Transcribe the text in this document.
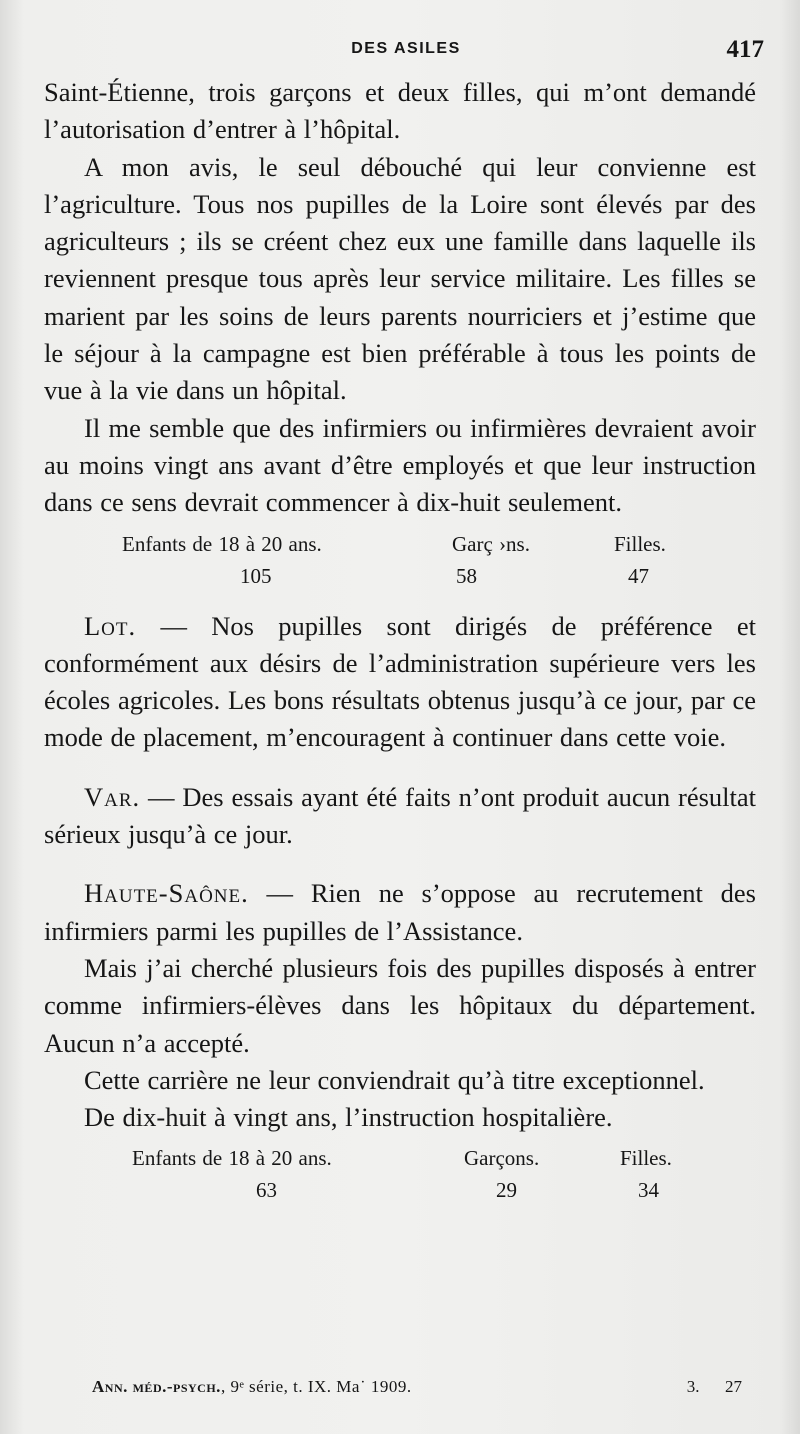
DES ASILES	417

Saint-Étienne, trois garçons et deux filles, qui m’ont demandé l’autorisation d’entrer à l’hôpital.

A mon avis, le seul débouché qui leur convienne est l’agriculture. Tous nos pupilles de la Loire sont élevés par des agriculteurs ; ils se créent chez eux une famille dans laquelle ils reviennent presque tous après leur service militaire. Les filles se marient par les soins de leurs parents nourriciers et j’estime que le séjour à la campagne est bien préférable à tous les points de vue à la vie dans un hôpital.

Il me semble que des infirmiers ou infirmières devraient avoir au moins vingt ans avant d’être employés et que leur instruction dans ce sens devrait commencer à dix-huit seulement.

Enfants de 18 à 20 ans.	Garç ›ns.	Filles.
105	58	47

Lot. — Nos pupilles sont dirigés de préférence et conformément aux désirs de l’administration supérieure vers les écoles agricoles. Les bons résultats obtenus jusqu’à ce jour, par ce mode de placement, m’encouragent à continuer dans cette voie.

Var. — Des essais ayant été faits n’ont produit aucun résultat sérieux jusqu’à ce jour.

Haute-Saône. — Rien ne s’oppose au recrutement des infirmiers parmi les pupilles de l’Assistance.

Mais j’ai cherché plusieurs fois des pupilles disposés à entrer comme infirmiers-élèves dans les hôpitaux du département. Aucun n’a accepté.

Cette carrière ne leur conviendrait qu’à titre exceptionnel.

De dix-huit à vingt ans, l’instruction hospitalière.

Enfants de 18 à 20 ans.	Garçons.	Filles.
63	29	34
Ann. méd.-psych., 9ᵉ série, t. IX. Ma˙ 1909.	3. 27
